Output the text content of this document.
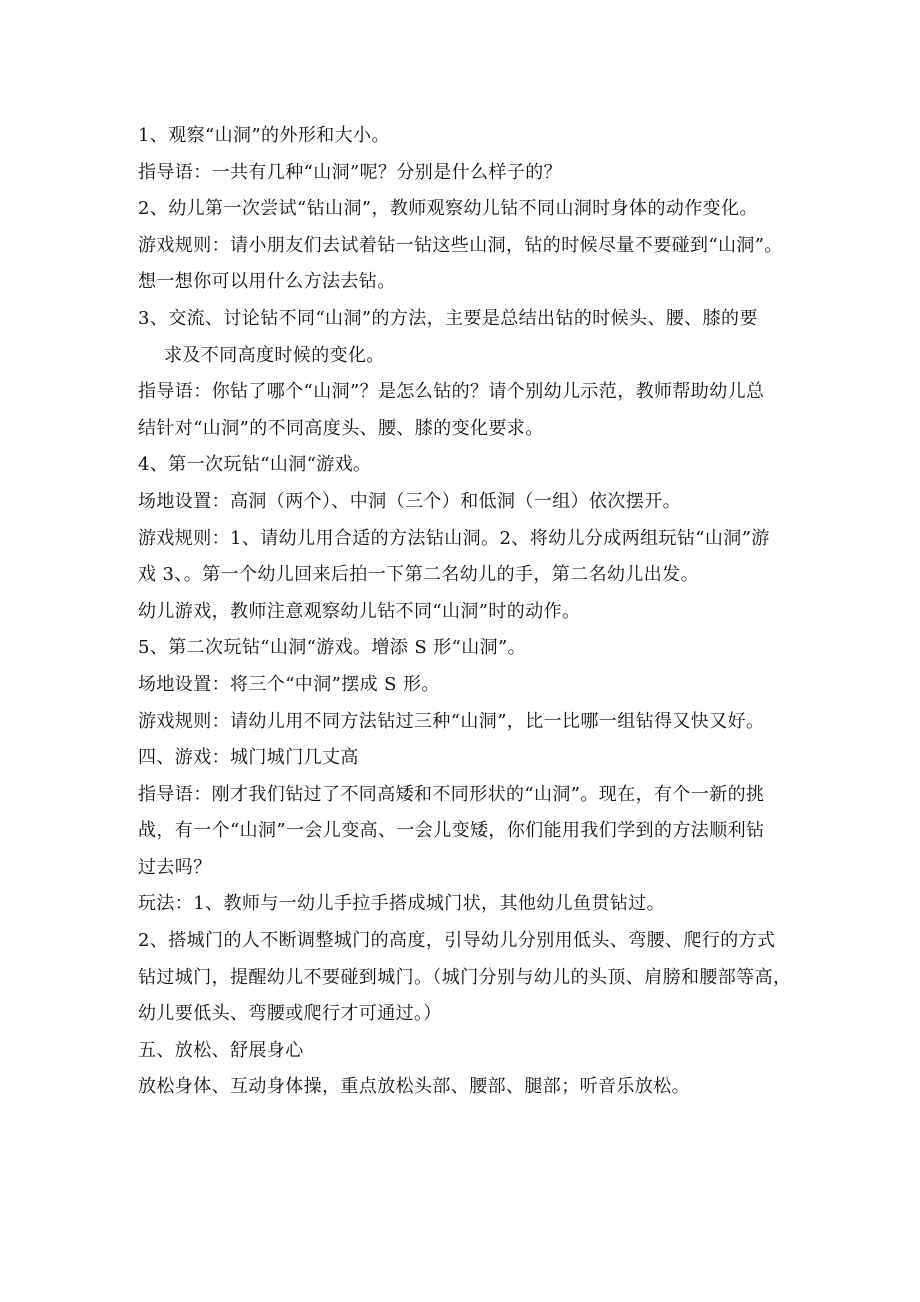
1、观察“山洞”的外形和大小。

指导语：一共有几种“山洞”呢？分别是什么样子的？

2、幼儿第一次尝试“钻山洞”，教师观察幼儿钻不同山洞时身体的动作变化。

游戏规则：请小朋友们去试着钻一钻这些山洞，钻的时候尽量不要碰到“山洞”。

想一想你可以用什么方法去钻。

3、交流、讨论钻不同“山洞”的方法，主要是总结出钻的时候头、腰、膝的要

求及不同高度时候的变化。

指导语：你钻了哪个“山洞”？是怎么钻的？请个别幼儿示范，教师帮助幼儿总

结针对“山洞”的不同高度头、腰、膝的变化要求。

4、第一次玩钻“山洞“游戏。

场地设置：高洞（两个）、中洞（三个）和低洞（一组）依次摆开。

游戏规则：1、请幼儿用合适的方法钻山洞。2、将幼儿分成两组玩钻“山洞”游

戏 3、。第一个幼儿回来后拍一下第二名幼儿的手，第二名幼儿出发。

幼儿游戏，教师注意观察幼儿钻不同“山洞”时的动作。

5、第二次玩钻“山洞“游戏。增添 S 形“山洞”。

场地设置：将三个“中洞”摆成 S 形。

游戏规则：请幼儿用不同方法钻过三种“山洞”，比一比哪一组钻得又快又好。

四、游戏：城门城门几丈高

指导语：刚才我们钻过了不同高矮和不同形状的“山洞”。现在，有个一新的挑

战，有一个“山洞”一会儿变高、一会儿变矮，你们能用我们学到的方法顺利钻

过去吗？

玩法：1、教师与一幼儿手拉手搭成城门状，其他幼儿鱼贯钻过。

2、搭城门的人不断调整城门的高度，引导幼儿分别用低头、弯腰、爬行的方式

钻过城门，提醒幼儿不要碰到城门。（城门分别与幼儿的头顶、肩膀和腰部等高，

幼儿要低头、弯腰或爬行才可通过。）

五、放松、舒展身心

放松身体、互动身体操，重点放松头部、腰部、腿部；听音乐放松。
